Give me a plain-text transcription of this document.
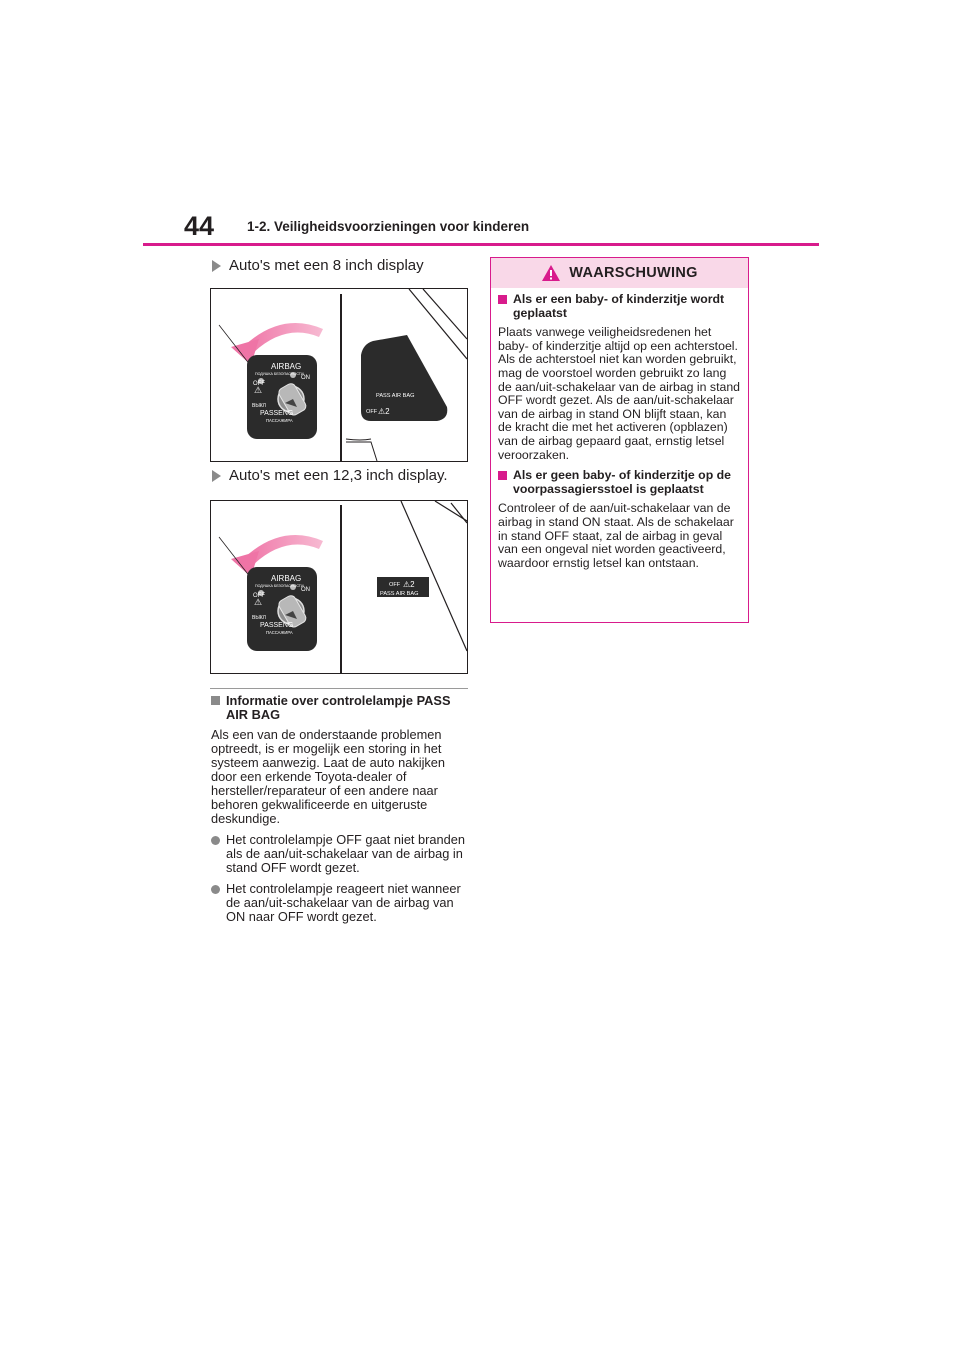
44 1-2. Veiligheidsvoorzieningen voor kinderen
Auto's met een 8 inch display
AIRBAG
ПОДУШКА БЕЗОПАСНОСТИ
OFF
ON
⚠
ВЫКЛ
PASSENG
ПАССАЖИРА
PASS AIR BAG
OFF ⚠2
Auto's met een 12,3 inch display.
AIRBAG
ПОДУШКА БЕЗОПАСНОСТИ
OFF
ON
⚠
ВЫКЛ
PASSENG
ПАССАЖИРА
OFF ⚠2
PASS AIR BAG
Informatie over controlelampje PASS AIR BAG
Als een van de onderstaande problemen optreedt, is er mogelijk een storing in het systeem aanwezig. Laat de auto nakijken door een erkende Toyota-dealer of hersteller/reparateur of een andere naar behoren gekwalificeerde en uitgeruste deskundige.
Het controlelampje OFF gaat niet branden als de aan/uit-schakelaar van de airbag in stand OFF wordt gezet.
Het controlelampje reageert niet wanneer de aan/uit-schakelaar van de airbag van ON naar OFF wordt gezet.
WAARSCHUWING
Als er een baby- of kinderzitje wordt geplaatst
Plaats vanwege veiligheidsredenen het baby- of kinderzitje altijd op een achterstoel. Als de achterstoel niet kan worden gebruikt, mag de voorstoel worden gebruikt zo lang de aan/uit-schakelaar van de airbag in stand OFF wordt gezet. Als de aan/uit-schakelaar van de airbag in stand ON blijft staan, kan de kracht die met het activeren (opblazen) van de airbag gepaard gaat, ernstig letsel veroorzaken.
Als er geen baby- of kinderzitje op de voorpassagiersstoel is geplaatst
Controleer of de aan/uit-schakelaar van de airbag in stand ON staat. Als de schakelaar in stand OFF staat, zal de airbag in geval van een ongeval niet worden geactiveerd, waardoor ernstig letsel kan ontstaan.
